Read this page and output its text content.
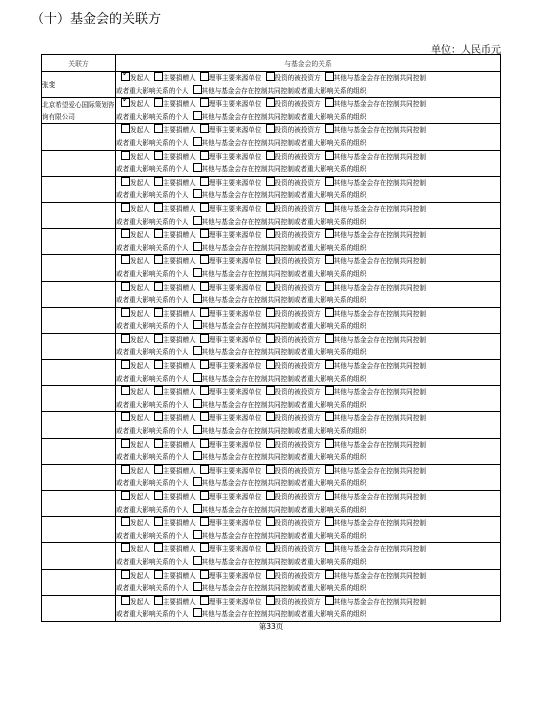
（十）基金会的关联方
单位：人民币元
关联方	与基金会的关系
张斐	
✓发起人 主要捐赠人 理事主要来源单位 投资的被投资方 其他与基金会存在控制共同控制
或者重大影响关系的个人 其他与基金会存在控制共同控制或者重大影响关系的组织

北京希望爱心国际策划咨询有限公司	
✓发起人 主要捐赠人 理事主要来源单位 投资的被投资方 其他与基金会存在控制共同控制
或者重大影响关系的个人 其他与基金会存在控制共同控制或者重大影响关系的组织

	发起人 主要捐赠人 理事主要来源单位 投资的被投资方 其他与基金会存在控制共同控制
或者重大影响关系的个人 其他与基金会存在控制共同控制或者重大影响关系的组织

	发起人 主要捐赠人 理事主要来源单位 投资的被投资方 其他与基金会存在控制共同控制
或者重大影响关系的个人 其他与基金会存在控制共同控制或者重大影响关系的组织

	发起人 主要捐赠人 理事主要来源单位 投资的被投资方 其他与基金会存在控制共同控制
或者重大影响关系的个人 其他与基金会存在控制共同控制或者重大影响关系的组织

	发起人 主要捐赠人 理事主要来源单位 投资的被投资方 其他与基金会存在控制共同控制
或者重大影响关系的个人 其他与基金会存在控制共同控制或者重大影响关系的组织

	发起人 主要捐赠人 理事主要来源单位 投资的被投资方 其他与基金会存在控制共同控制
或者重大影响关系的个人 其他与基金会存在控制共同控制或者重大影响关系的组织

	发起人 主要捐赠人 理事主要来源单位 投资的被投资方 其他与基金会存在控制共同控制
或者重大影响关系的个人 其他与基金会存在控制共同控制或者重大影响关系的组织

	发起人 主要捐赠人 理事主要来源单位 投资的被投资方 其他与基金会存在控制共同控制
或者重大影响关系的个人 其他与基金会存在控制共同控制或者重大影响关系的组织

	发起人 主要捐赠人 理事主要来源单位 投资的被投资方 其他与基金会存在控制共同控制
或者重大影响关系的个人 其他与基金会存在控制共同控制或者重大影响关系的组织

	发起人 主要捐赠人 理事主要来源单位 投资的被投资方 其他与基金会存在控制共同控制
或者重大影响关系的个人 其他与基金会存在控制共同控制或者重大影响关系的组织

	发起人 主要捐赠人 理事主要来源单位 投资的被投资方 其他与基金会存在控制共同控制
或者重大影响关系的个人 其他与基金会存在控制共同控制或者重大影响关系的组织

	发起人 主要捐赠人 理事主要来源单位 投资的被投资方 其他与基金会存在控制共同控制
或者重大影响关系的个人 其他与基金会存在控制共同控制或者重大影响关系的组织

	发起人 主要捐赠人 理事主要来源单位 投资的被投资方 其他与基金会存在控制共同控制
或者重大影响关系的个人 其他与基金会存在控制共同控制或者重大影响关系的组织

	发起人 主要捐赠人 理事主要来源单位 投资的被投资方 其他与基金会存在控制共同控制
或者重大影响关系的个人 其他与基金会存在控制共同控制或者重大影响关系的组织

	发起人 主要捐赠人 理事主要来源单位 投资的被投资方 其他与基金会存在控制共同控制
或者重大影响关系的个人 其他与基金会存在控制共同控制或者重大影响关系的组织

	发起人 主要捐赠人 理事主要来源单位 投资的被投资方 其他与基金会存在控制共同控制
或者重大影响关系的个人 其他与基金会存在控制共同控制或者重大影响关系的组织

	发起人 主要捐赠人 理事主要来源单位 投资的被投资方 其他与基金会存在控制共同控制
或者重大影响关系的个人 其他与基金会存在控制共同控制或者重大影响关系的组织

	发起人 主要捐赠人 理事主要来源单位 投资的被投资方 其他与基金会存在控制共同控制
或者重大影响关系的个人 其他与基金会存在控制共同控制或者重大影响关系的组织

	发起人 主要捐赠人 理事主要来源单位 投资的被投资方 其他与基金会存在控制共同控制
或者重大影响关系的个人 其他与基金会存在控制共同控制或者重大影响关系的组织

	发起人 主要捐赠人 理事主要来源单位 投资的被投资方 其他与基金会存在控制共同控制
或者重大影响关系的个人 其他与基金会存在控制共同控制或者重大影响关系的组织
第33页
